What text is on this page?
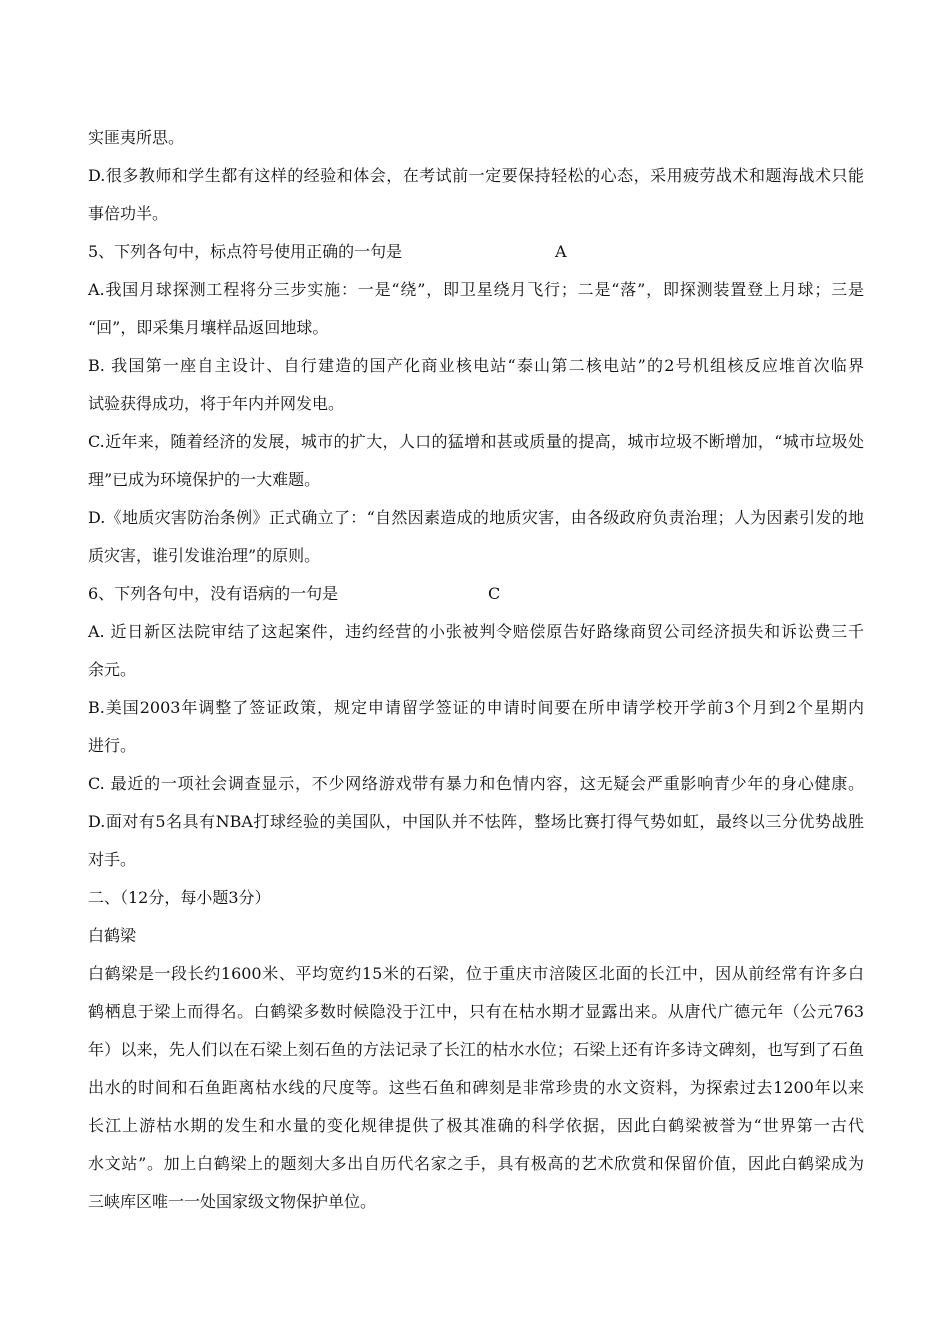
实匪夷所思。
D.很多教师和学生都有这样的经验和体会，在考试前一定要保持轻松的心态，采用疲劳战术和题海战术只能
事倍功半。
5、下列各句中，标点符号使用正确的一句是	A
A.我国月球探测工程将分三步实施：一是“绕”，即卫星绕月飞行；二是“落”，即探测装置登上月球；三是
“回”，即采集月壤样品返回地球。
B. 我国第一座自主设计、自行建造的国产化商业核电站“泰山第二核电站”的2号机组核反应堆首次临界
试验获得成功，将于年内并网发电。
C.近年来，随着经济的发展，城市的扩大，人口的猛增和甚或质量的提高，城市垃圾不断增加，“城市垃圾处
理”已成为环境保护的一大难题。
D.《地质灾害防治条例》正式确立了：“自然因素造成的地质灾害，由各级政府负责治理；人为因素引发的地
质灾害，谁引发谁治理”的原则。
6、下列各句中，没有语病的一句是	C
A. 近日新区法院审结了这起案件，违约经营的小张被判令赔偿原告好路缘商贸公司经济损失和诉讼费三千
余元。
B.美国2003年调整了签证政策，规定申请留学签证的申请时间要在所申请学校开学前3个月到2个星期内
进行。
C. 最近的一项社会调查显示，不少网络游戏带有暴力和色情内容，这无疑会严重影响青少年的身心健康。
D.面对有5名具有NBA打球经验的美国队，中国队并不怯阵，整场比赛打得气势如虹，最终以三分优势战胜
对手。
二、（12分，每小题3分）
白鹤梁
白鹤梁是一段长约1600米、平均宽约15米的石梁，位于重庆市涪陵区北面的长江中，因从前经常有许多白
鹤栖息于梁上而得名。白鹤梁多数时候隐没于江中，只有在枯水期才显露出来。从唐代广德元年（公元763
年）以来，先人们以在石梁上刻石鱼的方法记录了长江的枯水水位；石梁上还有许多诗文碑刻，也写到了石鱼
出水的时间和石鱼距离枯水线的尺度等。这些石鱼和碑刻是非常珍贵的水文资料，为探索过去1200年以来
长江上游枯水期的发生和水量的变化规律提供了极其准确的科学依据，因此白鹤梁被誉为“世界第一古代
水文站”。加上白鹤梁上的题刻大多出自历代名家之手，具有极高的艺术欣赏和保留价值，因此白鹤梁成为
三峡库区唯一一处国家级文物保护单位。
